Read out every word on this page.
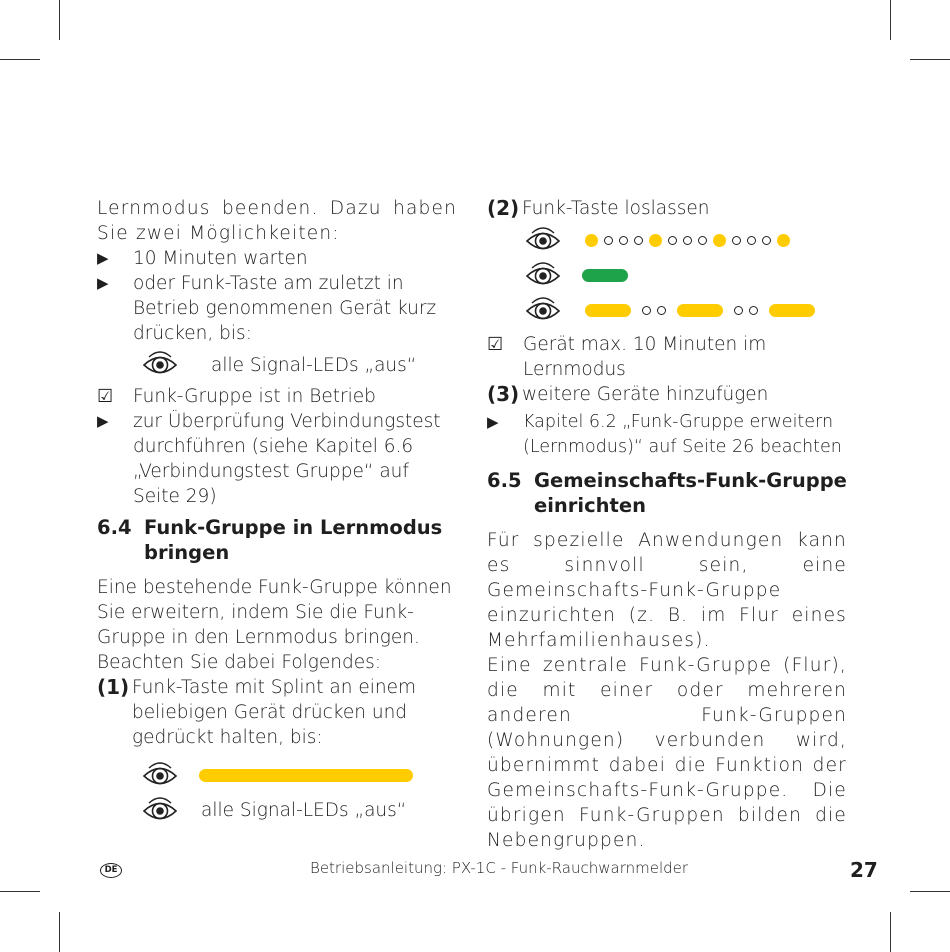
Lernmodus beenden. Dazu haben Sie zwei Möglichkeiten:

▶	10 Minuten warten
▶	oder Funk-Taste am zuletzt in Betrieb genommenen Gerät kurz drücken, bis:
alle Signal-LEDs „aus“
☑	Funk-Gruppe ist in Betrieb
▶	zur Überprüfung Verbindungstest durchführen (siehe Kapitel 6.6 „Verbindungstest Gruppe“ auf Seite 29)
6.4 Funk-Gruppe in Lernmodus bringen

Eine bestehende Funk-Gruppe können Sie erweitern, indem Sie die Funk-Gruppe in den Lernmodus bringen.

Beachten Sie dabei Folgendes:

(1) Funk-Taste mit Splint an einem beliebigen Gerät drücken und gedrückt halten, bis:
alle Signal-LEDs „aus“
(2) Funk-Taste loslassen
☑	Gerät max. 10 Minuten im Lernmodus
(3) weitere Geräte hinzufügen
▶	Kapitel 6.2 „Funk-Gruppe erweitern (Lernmodus)“ auf Seite 26 beachten
6.5 Gemeinschafts-Funk-Gruppe einrichten

Für spezielle Anwendungen kann es sinnvoll sein, eine Gemeinschafts-Funk-Gruppe einzurichten (z. B. im Flur eines Mehrfamilienhauses).

Eine zentrale Funk-Gruppe (Flur), die mit einer oder mehreren anderen Funk-Gruppen (Wohnungen) verbunden wird, übernimmt dabei die Funktion der Gemeinschafts-Funk-Gruppe. Die übrigen Funk-Gruppen bilden die Nebengruppen.

DE	Betriebsanleitung: PX-1C - Funk-Rauchwarnmelder	27
